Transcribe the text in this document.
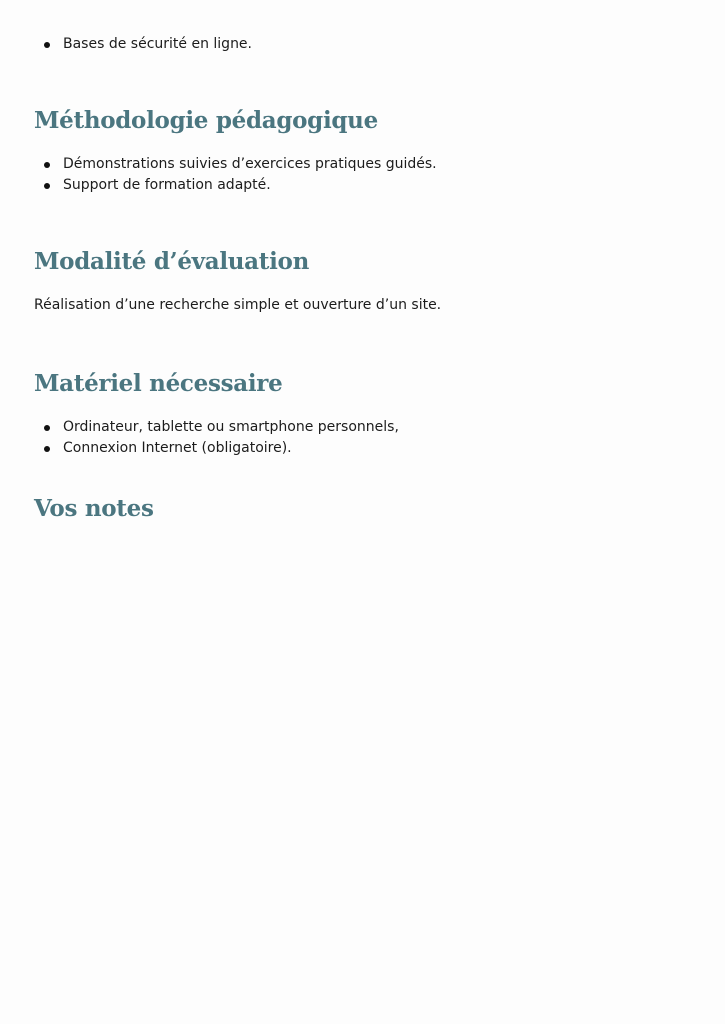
Bases de sécurité en ligne.
Méthodologie pédagogique
Démonstrations suivies d’exercices pratiques guidés.
Support de formation adapté.
Modalité d’évaluation

Réalisation d’une recherche simple et ouverture d’un site.

Matériel nécessaire
Ordinateur, tablette ou smartphone personnels,
Connexion Internet (obligatoire).
Vos notes
